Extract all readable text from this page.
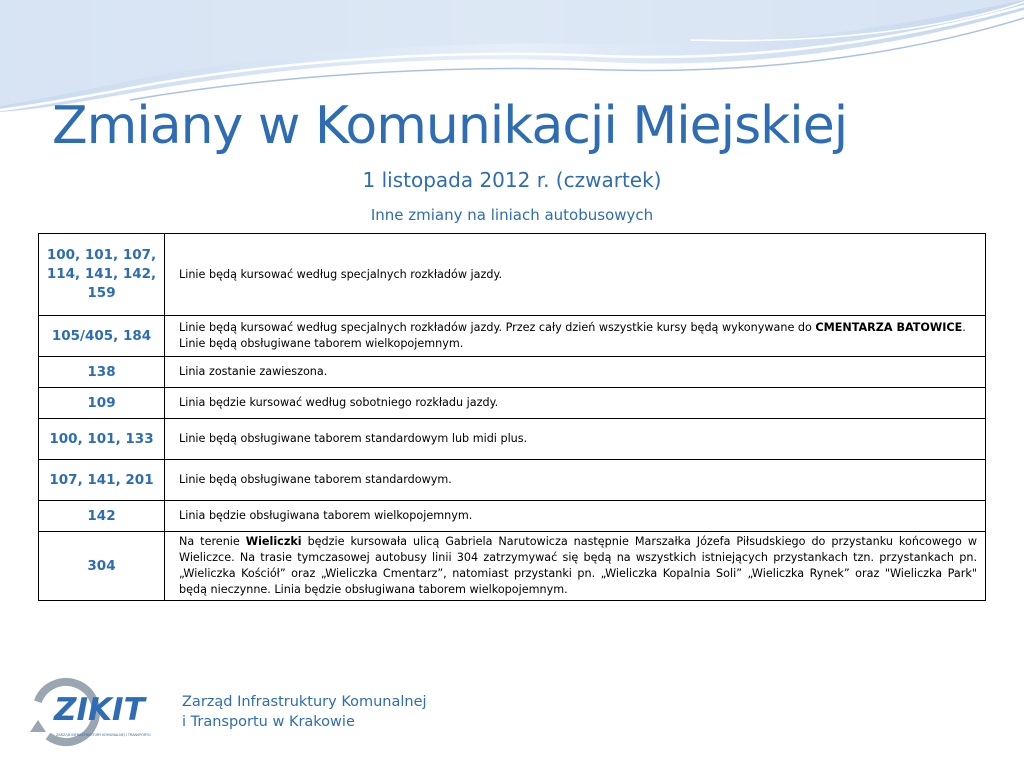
Zmiany w Komunikacji Miejskiej
1 listopada 2012 r. (czwartek)
Inne zmiany na liniach autobusowych
100, 101, 107, 114, 141, 142, 159	Linie będą kursować według specjalnych rozkładów jazdy.
105/405, 184	Linie będą kursować według specjalnych rozkładów jazdy. Przez cały dzień wszystkie kursy będą wykonywane do CMENTARZA BATOWICE. Linie będą obsługiwane taborem wielkopojemnym.
138	Linia zostanie zawieszona.
109	Linia będzie kursować według sobotniego rozkładu jazdy.
100, 101, 133	Linie będą obsługiwane taborem standardowym lub midi plus.
107, 141, 201	Linie będą obsługiwane taborem standardowym.
142	Linia będzie obsługiwana taborem wielkopojemnym.
304	Na terenie Wieliczki będzie kursowała ulicą Gabriela Narutowicza następnie Marszałka Józefa Piłsudskiego do przystanku końcowego w Wieliczce. Na trasie tymczasowej autobusy linii 304 zatrzymywać się będą na wszystkich istniejących przystankach tzn. przystankach pn. „Wieliczka Kościół” oraz „Wieliczka Cmentarz”, natomiast przystanki pn. „Wieliczka Kopalnia Soli” „Wieliczka Rynek” oraz "Wieliczka Park" będą nieczynne. Linia będzie obsługiwana taborem wielkopojemnym.
ZIKIT
ZARZĄD INFRASTRUKTURY KOMUNALNEJ I TRANSPORTU
Zarząd Infrastruktury Komunalnej
i Transportu w Krakowie
